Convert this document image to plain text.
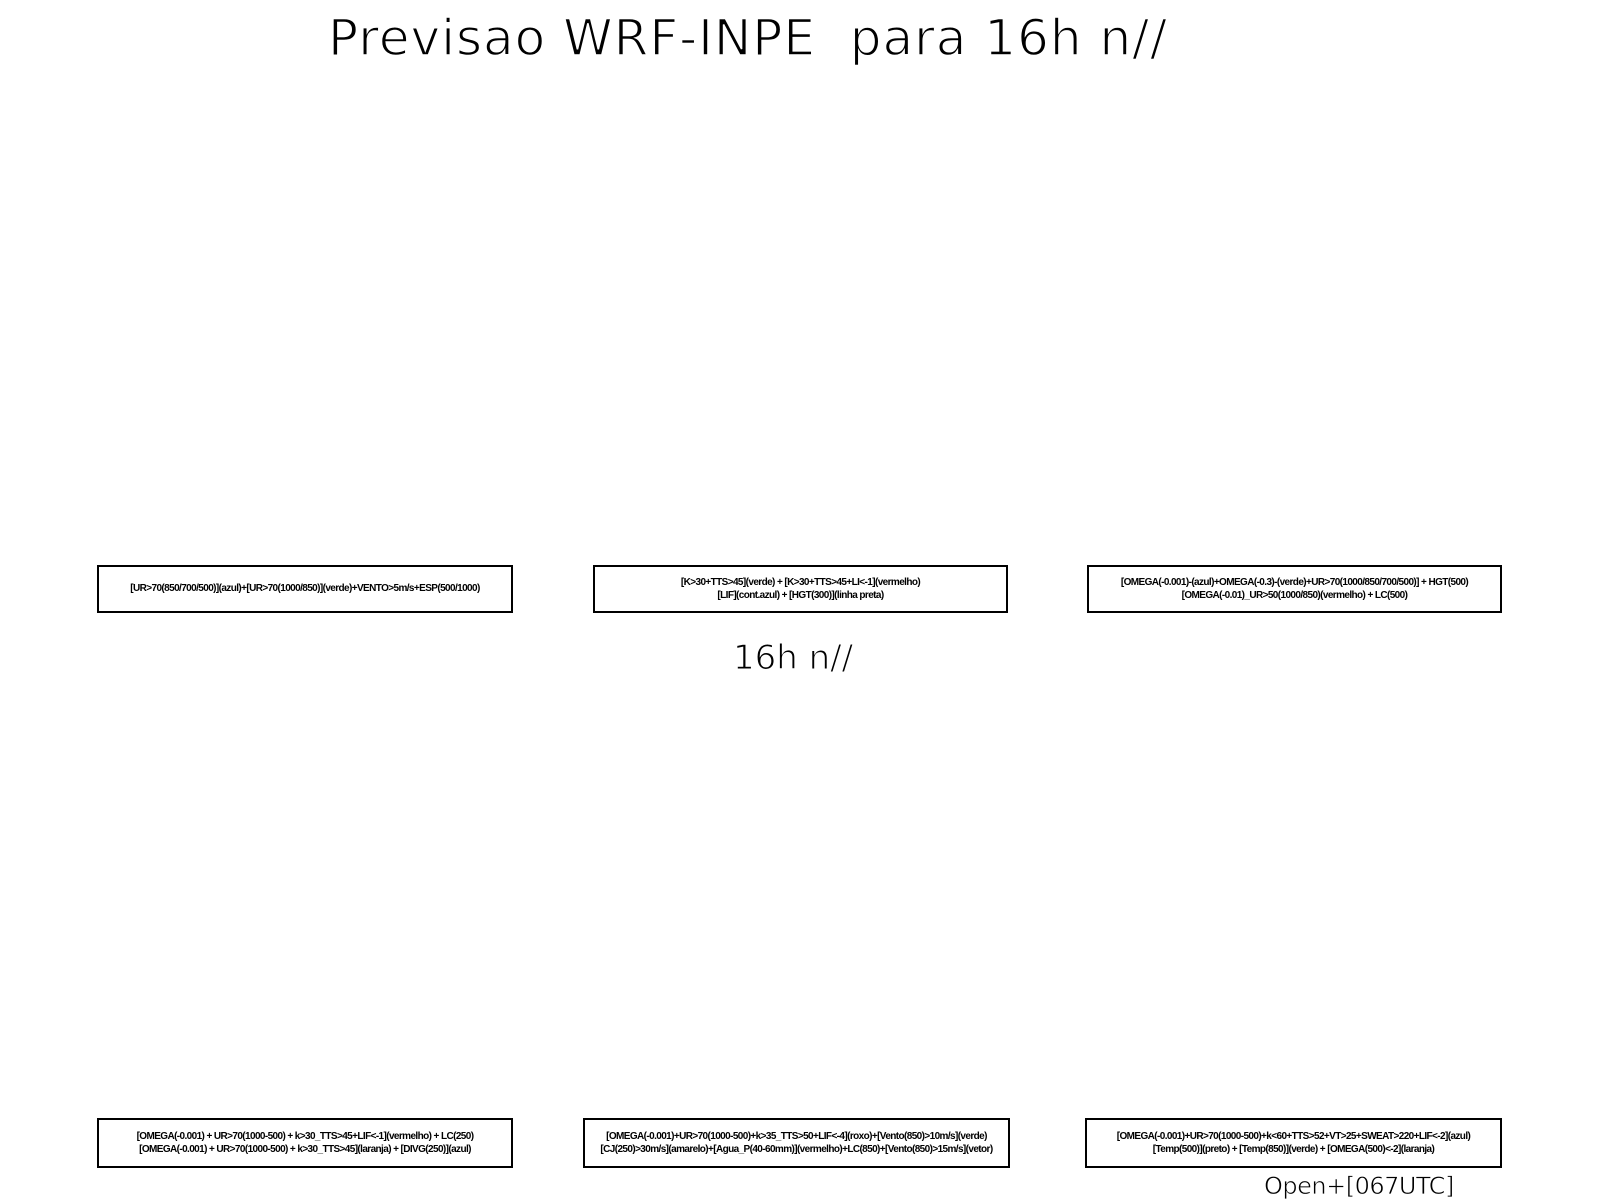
Previsao WRF-INPE  para 16h n//
[UR>70(850/700/500)](azul)+[UR>70(1000/850)](verde)+VENTO>5m/s+ESP(500/1000)
[K>30+TTS>45](verde) + [K>30+TTS>45+LI<-1](vermelho)
[LIF](cont.azul) + [HGT(300)](linha preta)
[OMEGA(-0.001)-(azul)+OMEGA(-0.3)-(verde)+UR>70(1000/850/700/500)] + HGT(500)
[OMEGA(-0.01)_UR>50(1000/850)(vermelho) + LC(500)
16h n//
[OMEGA(-0.001) + UR>70(1000-500) + k>30_TTS>45+LIF<-1](vermelho) + LC(250)
[OMEGA(-0.001) + UR>70(1000-500) + k>30_TTS>45](laranja) + [DIVG(250)](azul)
[OMEGA(-0.001)+UR>70(1000-500)+k>35_TTS>50+LIF<-4](roxo)+[Vento(850)>10m/s](verde)
[CJ(250)>30m/s](amarelo)+[Agua_P(40-60mm)](vermelho)+LC(850)+[Vento(850)>15m/s](vetor)
[OMEGA(-0.001)+UR>70(1000-500)+k<60+TTS>52+VT>25+SWEAT>220+LIF<-2](azul)
[Temp(500)](preto) + [Temp(850)](verde) + [OMEGA(500)<-2](laranja)
Open+[067UTC]
